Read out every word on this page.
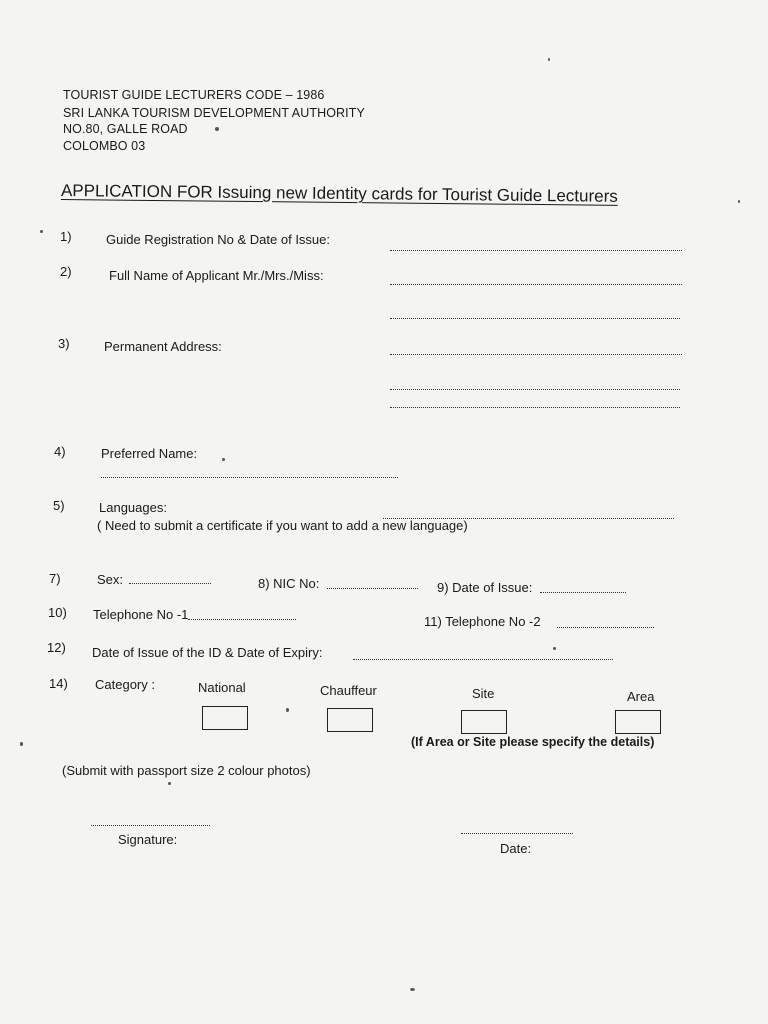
TOURIST GUIDE LECTURERS CODE – 1986
SRI LANKA TOURISM DEVELOPMENT AUTHORITY
NO.80, GALLE ROAD
COLOMBO 03
APPLICATION FOR Issuing new Identity cards for Tourist Guide Lecturers
1)	Guide Registration No & Date of Issue:
2)	Full Name of Applicant Mr./Mrs./Miss:
3)	Permanent Address:
4)	Preferred Name:
5)	Languages:
( Need to submit a certificate if you want to add a new language)
7)	Sex:	8) NIC No:	9) Date of Issue:
10) Telephone No -1	11) Telephone No -2
12) Date of Issue of the ID & Date of Expiry:
14) Category :	National	Chauffeur	Site	Area
(If Area or Site please specify the details)
(Submit with passport size 2 colour photos)
Signature:
Date:
